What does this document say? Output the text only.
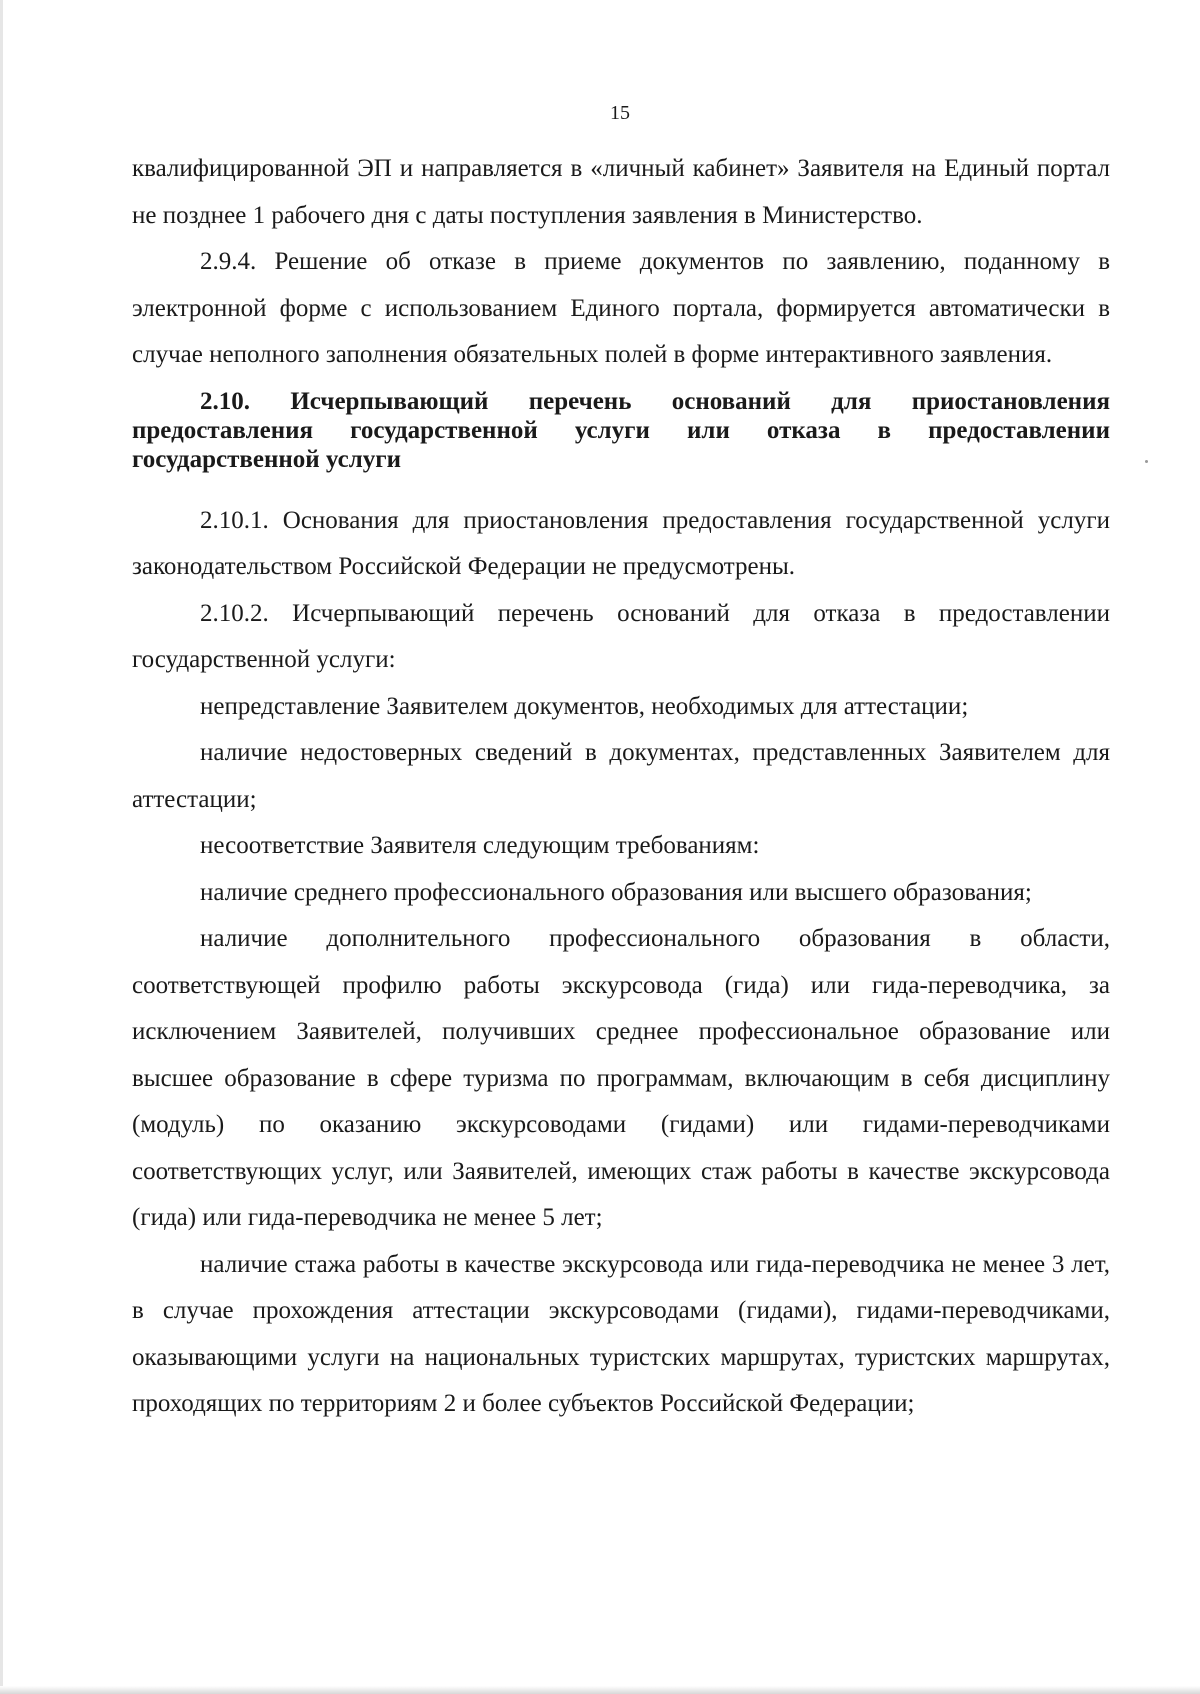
15

квалифицированной ЭП и направляется в «личный кабинет» Заявителя на Единый портал не позднее 1 рабочего дня с даты поступления заявления в Министерство.

2.9.4. Решение об отказе в приеме документов по заявлению, поданному в электронной форме с использованием Единого портала, формируется автоматически в случае неполного заполнения обязательных полей в форме интерактивного заявления.

2.10. Исчерпывающий перечень оснований для приостановления предоставления государственной услуги или отказа в предоставлении государственной услуги

2.10.1. Основания для приостановления предоставления государственной услуги законодательством Российской Федерации не предусмотрены.

2.10.2. Исчерпывающий перечень оснований для отказа в предоставлении государственной услуги:

непредставление Заявителем документов, необходимых для аттестации;

наличие недостоверных сведений в документах, представленных Заявителем для аттестации;

несоответствие Заявителя следующим требованиям:

наличие среднего профессионального образования или высшего образования;

наличие дополнительного профессионального образования в области, соответствующей профилю работы экскурсовода (гида) или гида-переводчика, за исключением Заявителей, получивших среднее профессиональное образование или высшее образование в сфере туризма по программам, включающим в себя дисциплину (модуль) по оказанию экскурсоводами (гидами) или гидами-переводчиками соответствующих услуг, или Заявителей, имеющих стаж работы в качестве экскурсовода (гида) или гида-переводчика не менее 5 лет;

наличие стажа работы в качестве экскурсовода или гида-переводчика не менее 3 лет, в случае прохождения аттестации экскурсоводами (гидами), гидами-переводчиками, оказывающими услуги на национальных туристских маршрутах, туристских маршрутах, проходящих по территориям 2 и более субъектов Российской Федерации;
